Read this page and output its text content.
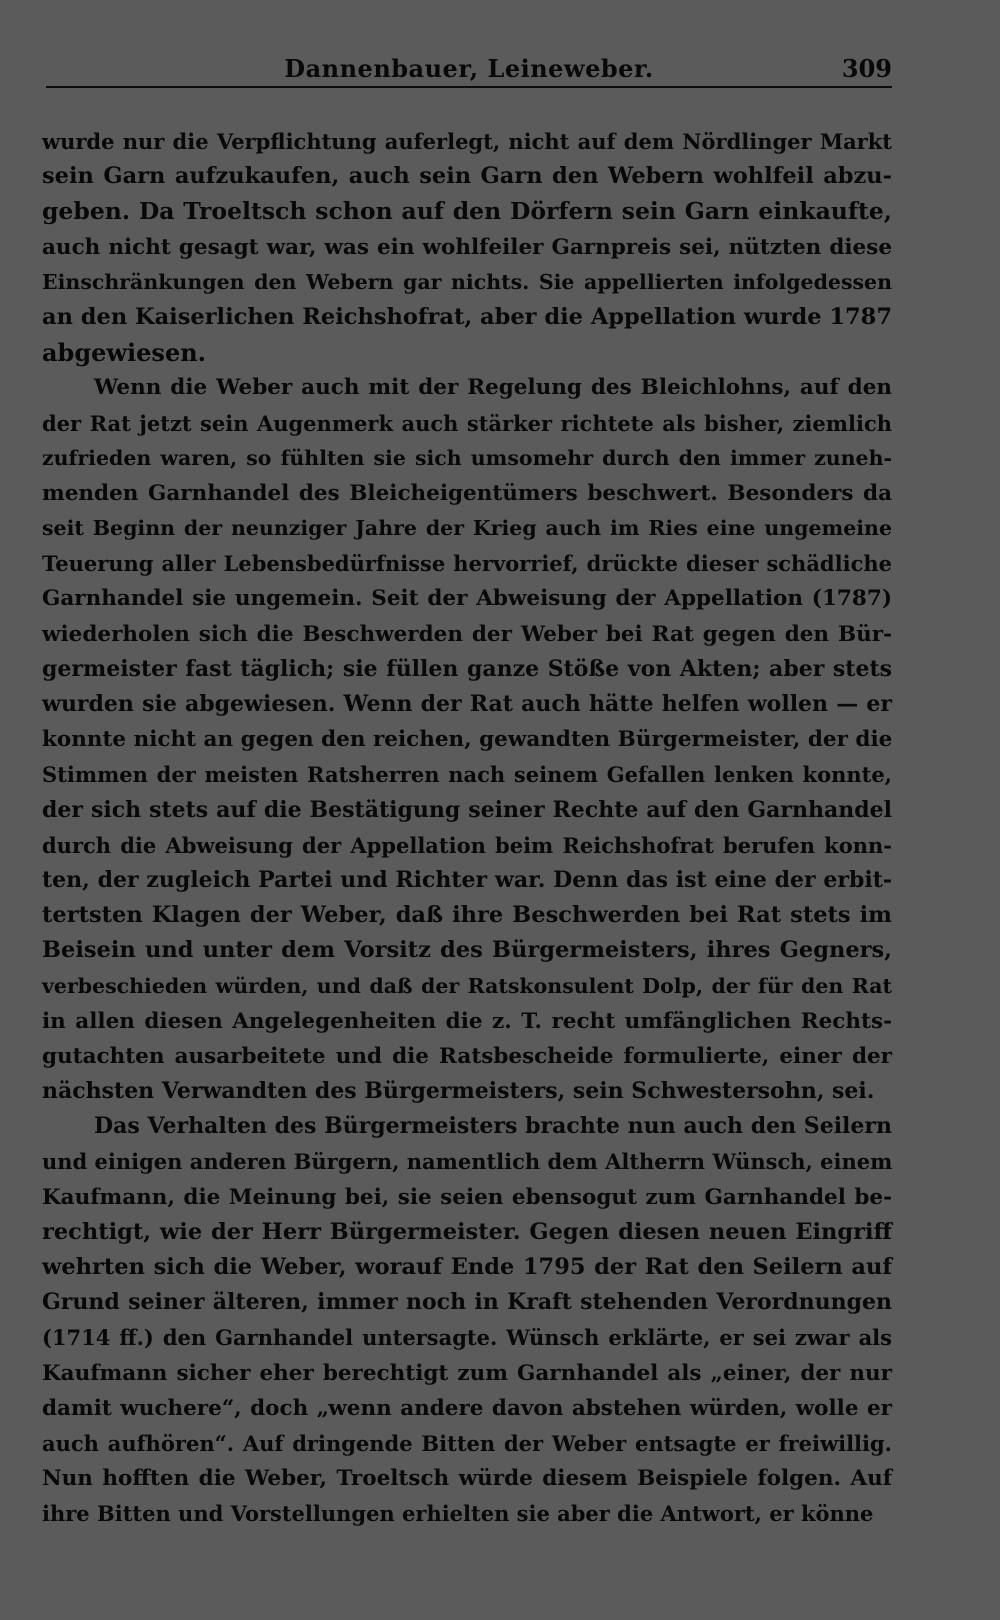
Dannenbauer, Leineweber.	309
wurde nur die Verpflichtung auferlegt, nicht auf dem Nördlinger Markt
sein Garn aufzukaufen, auch sein Garn den Webern wohlfeil abzu-
geben. Da Troeltsch schon auf den Dörfern sein Garn einkaufte,
auch nicht gesagt war, was ein wohlfeiler Garnpreis sei, nützten diese
Einschränkungen den Webern gar nichts. Sie appellierten infolgedessen
an den Kaiserlichen Reichshofrat, aber die Appellation wurde 1787
abgewiesen.
Wenn die Weber auch mit der Regelung des Bleichlohns, auf den
der Rat jetzt sein Augenmerk auch stärker richtete als bisher, ziemlich
zufrieden waren, so fühlten sie sich umsomehr durch den immer zuneh-
menden Garnhandel des Bleicheigentümers beschwert. Besonders da
seit Beginn der neunziger Jahre der Krieg auch im Ries eine ungemeine
Teuerung aller Lebensbedürfnisse hervorrief, drückte dieser schädliche
Garnhandel sie ungemein. Seit der Abweisung der Appellation (1787)
wiederholen sich die Beschwerden der Weber bei Rat gegen den Bür-
germeister fast täglich; sie füllen ganze Stöße von Akten; aber stets
wurden sie abgewiesen. Wenn der Rat auch hätte helfen wollen — er
konnte nicht an gegen den reichen, gewandten Bürgermeister, der die
Stimmen der meisten Ratsherren nach seinem Gefallen lenken konnte,
der sich stets auf die Bestätigung seiner Rechte auf den Garnhandel
durch die Abweisung der Appellation beim Reichshofrat berufen konn-
ten, der zugleich Partei und Richter war. Denn das ist eine der erbit-
tertsten Klagen der Weber, daß ihre Beschwerden bei Rat stets im
Beisein und unter dem Vorsitz des Bürgermeisters, ihres Gegners,
verbeschieden würden, und daß der Ratskonsulent Dolp, der für den Rat
in allen diesen Angelegenheiten die z. T. recht umfänglichen Rechts-
gutachten ausarbeitete und die Ratsbescheide formulierte, einer der
nächsten Verwandten des Bürgermeisters, sein Schwestersohn, sei.
Das Verhalten des Bürgermeisters brachte nun auch den Seilern
und einigen anderen Bürgern, namentlich dem Altherrn Wünsch, einem
Kaufmann, die Meinung bei, sie seien ebensogut zum Garnhandel be-
rechtigt, wie der Herr Bürgermeister. Gegen diesen neuen Eingriff
wehrten sich die Weber, worauf Ende 1795 der Rat den Seilern auf
Grund seiner älteren, immer noch in Kraft stehenden Verordnungen
(1714 ff.) den Garnhandel untersagte. Wünsch erklärte, er sei zwar als
Kaufmann sicher eher berechtigt zum Garnhandel als „einer, der nur
damit wuchere“, doch „wenn andere davon abstehen würden, wolle er
auch aufhören“. Auf dringende Bitten der Weber entsagte er freiwillig.
Nun hofften die Weber, Troeltsch würde diesem Beispiele folgen. Auf
ihre Bitten und Vorstellungen erhielten sie aber die Antwort, er könne
